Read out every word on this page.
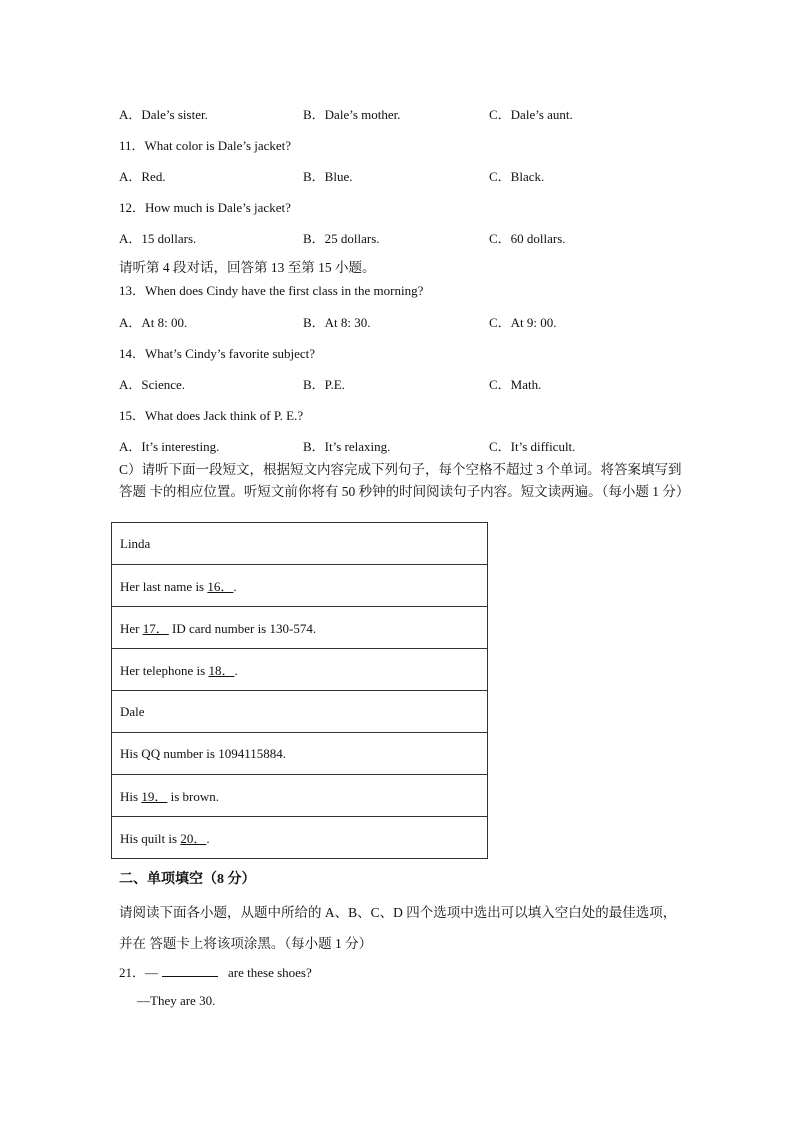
A．Dale’s sister.	B．Dale’s mother.	C．Dale’s aunt.
11．What color is Dale’s jacket?
A．Red.	B．Blue.	C．Black.
12．How much is Dale’s jacket?
A．15 dollars.	B．25 dollars.	C．60 dollars.
请听第 4 段对话，回答第 13 至第 15 小题。
13．When does Cindy have the first class in the morning?
A．At 8: 00.	B．At 8: 30.	C．At 9: 00.
14．What’s Cindy’s favorite subject?
A．Science.	B．P.E.	C．Math.
15．What does Jack think of P. E.?
A．It’s interesting.	B．It’s relaxing.	C．It’s difficult.
C）请听下面一段短文，根据短文内容完成下列句子，每个空格不超过 3 个单词。将答案填写到答题 卡的相应位置。听短文前你将有 50 秒钟的时间阅读句子内容。短文读两遍。（每小题 1 分）
Linda
Her last name is 16．.
Her 17． ID card number is 130-574.
Her telephone is 18．.
Dale
His QQ number is 1094115884.
His 19． is brown.
His quilt is 20．.
二、单项填空（8 分）
请阅读下面各小题，从题中所给的 A、B、C、D 四个选项中选出可以填入空白处的最佳选项，并在 答题卡上将该项涂黑。（每小题 1 分）
21．—	are these shoes?
—They are 30.
